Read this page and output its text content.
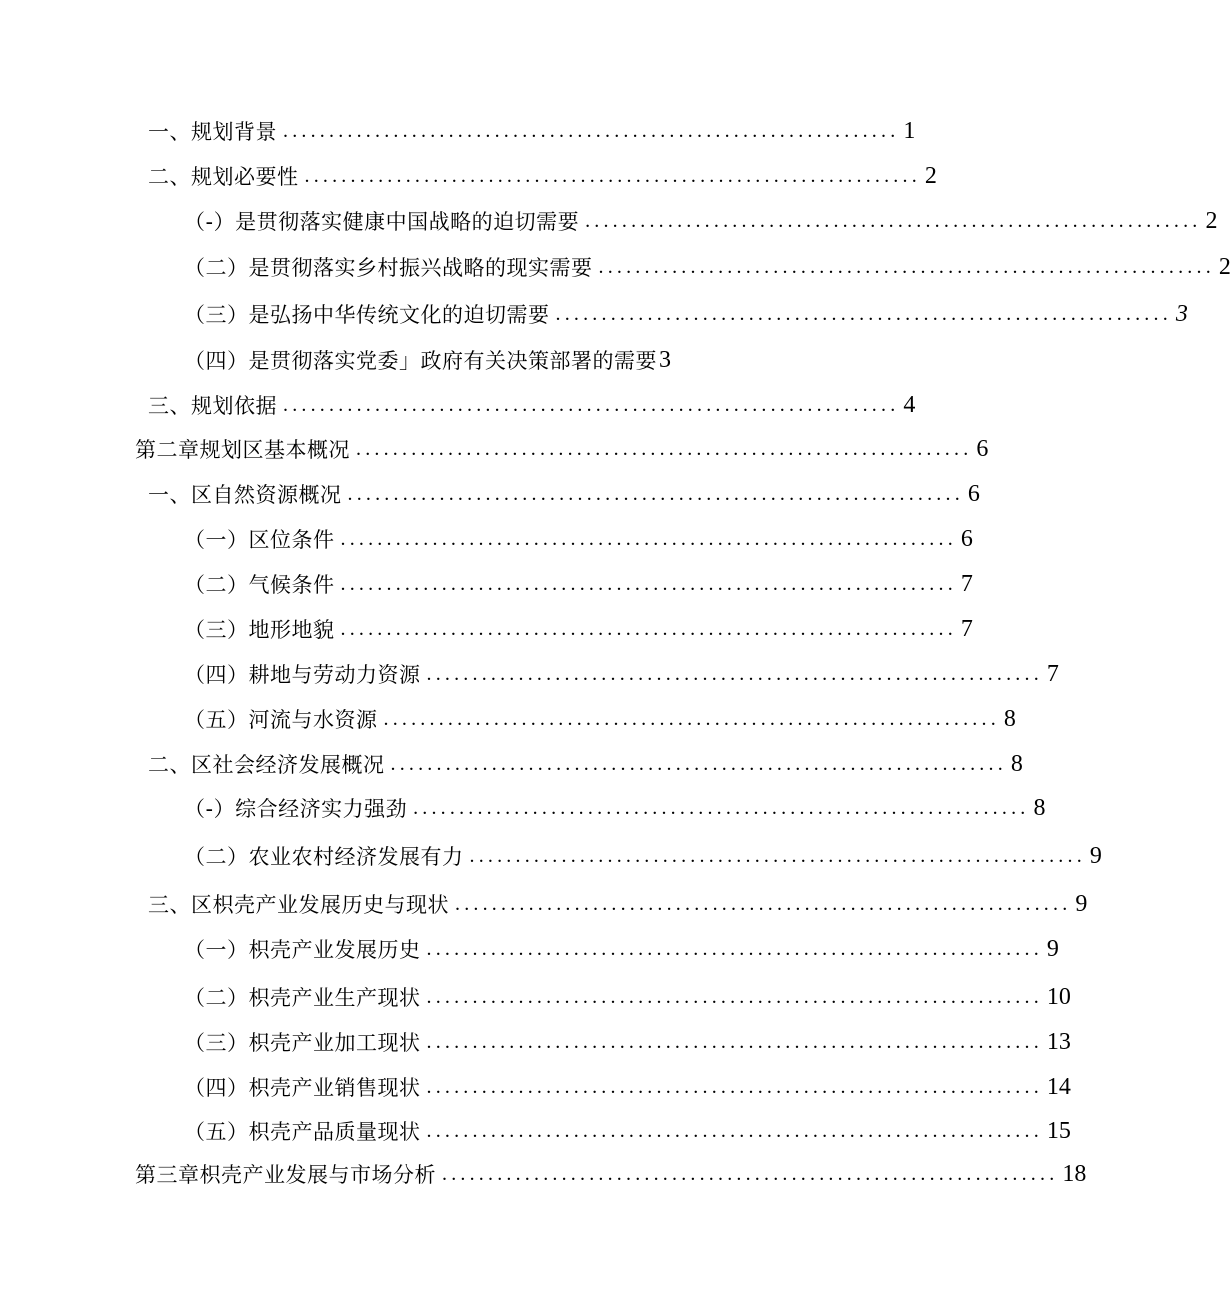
一、规划背景 ................................................................... 1
二、规划必要性 ................................................................... 2
（-）是贯彻落实健康中国战略的迫切需要 ................................................................... 2
（二）是贯彻落实乡村振兴战略的现实需要 ................................................................... 2
（三）是弘扬中华传统文化的迫切需要 ................................................................... 3
（四）是贯彻落实党委」政府有关决策部署的需要 3
三、规划依据 ................................................................... 4
第二章规划区基本概况 ................................................................... 6
一、区自然资源概况 ................................................................... 6
（一）区位条件 ................................................................... 6
（二）气候条件 ................................................................... 7
（三）地形地貌 ................................................................... 7
（四）耕地与劳动力资源 ................................................................... 7
（五）河流与水资源 ................................................................... 8
二、区社会经济发展概况 ................................................................... 8
（-）综合经济实力强劲 ................................................................... 8
（二）农业农村经济发展有力 ................................................................... 9
三、区枳壳产业发展历史与现状 ................................................................... 9
（一）枳壳产业发展历史 ................................................................... 9
（二）枳壳产业生产现状 ................................................................... 10
（三）枳壳产业加工现状 ................................................................... 13
（四）枳壳产业销售现状 ................................................................... 14
（五）枳壳产品质量现状 ................................................................... 15
第三章枳壳产业发展与市场分析 ................................................................... 18
